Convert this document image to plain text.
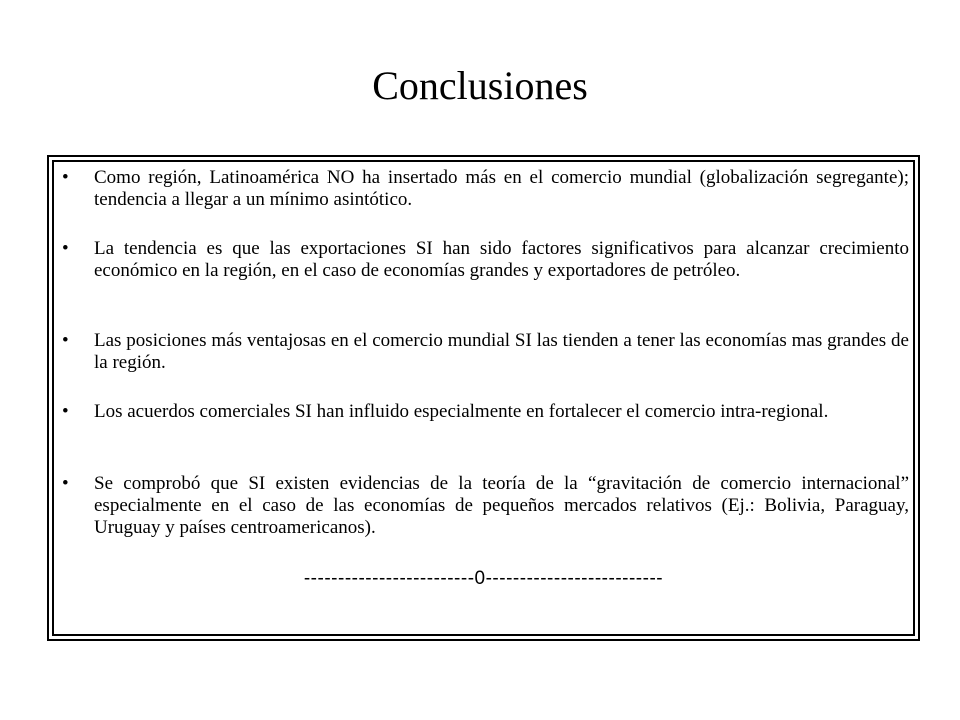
Conclusiones
• Como región, Latinoamérica NO ha insertado más en el comercio mundial (globalización segregante); tendencia a llegar a un mínimo asintótico.
• La tendencia es que las exportaciones SI han sido factores significativos para alcanzar crecimiento económico en la región, en el caso de economías grandes y exportadores de petróleo.
• Las posiciones más ventajosas en el comercio mundial SI las tienden a tener las economías mas grandes de la región.
• Los acuerdos comerciales SI han influido especialmente en fortalecer el comercio intra-regional.
• Se comprobó que SI existen evidencias de la teoría de la “gravitación de comercio internacional” especialmente en el caso de las economías de pequeños mercados relativos (Ej.: Bolivia, Paraguay, Uruguay y países centroamericanos).
-------------------------0--------------------------
